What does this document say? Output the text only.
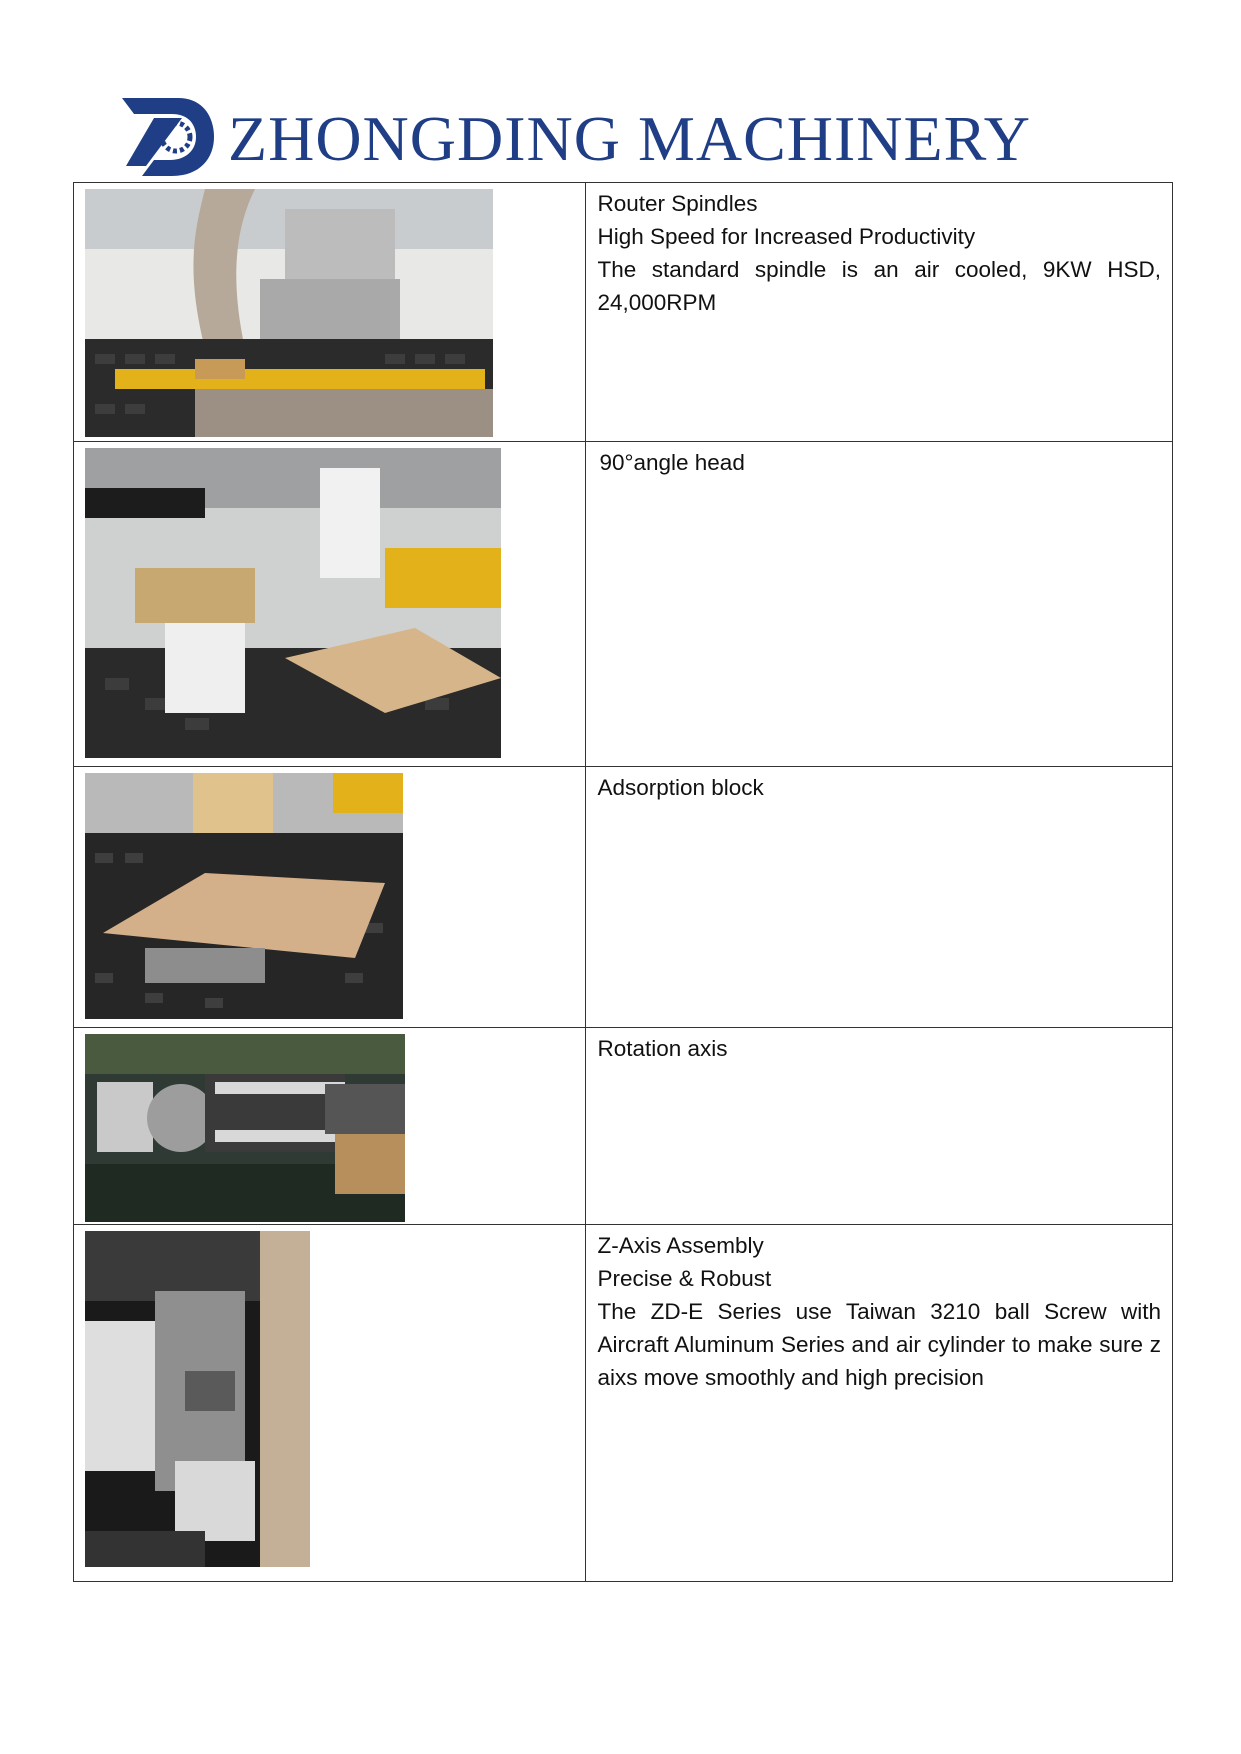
ZHONGDING MACHINERY

Router Spindles

High Speed for Increased Productivity

The standard spindle is an air cooled, 9KW HSD, 24,000RPM

90°angle head

Adsorption block

Rotation axis

Z-Axis Assembly

Precise & Robust

The ZD-E Series use Taiwan 3210 ball Screw with Aircraft Aluminum Series and air cylinder to make sure z aixs move smoothly and high precision
